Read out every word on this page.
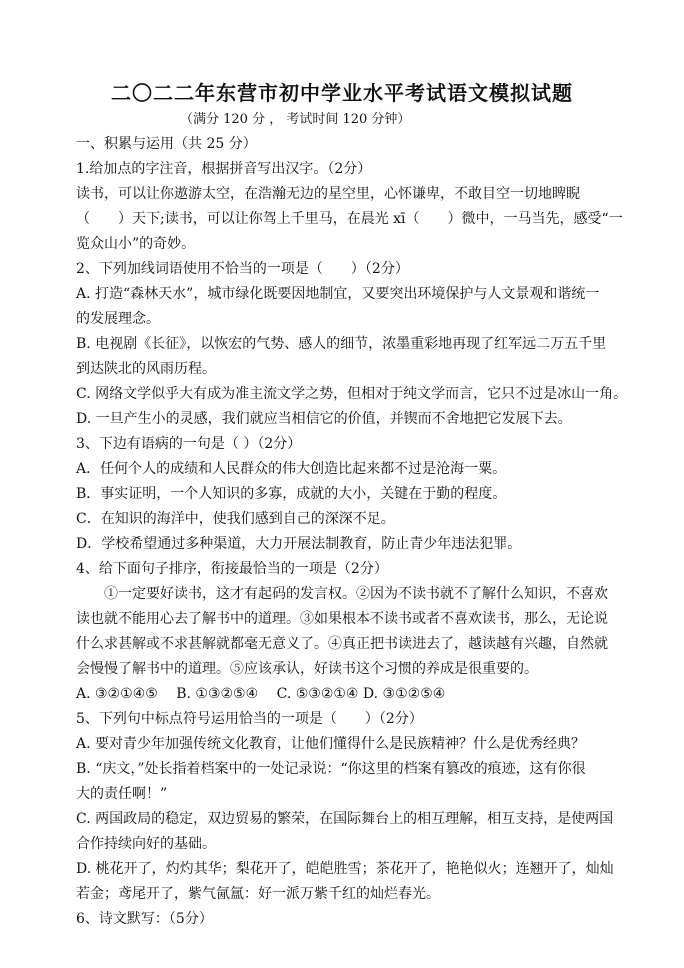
二〇二二年东营市初中学业水平考试语文模拟试题
（满分 120 分 ， 考试时间 120 分钟）
一、积累与运用（共 25 分）
1.给加点的字注音，根据拼音写出汉字。（2分）
读书，可以让你遨游太空，在浩瀚无边的星空里，心怀谦卑，不敢目空一切地睥睨
（　　）天下;读书，可以让你驾上千里马，在晨光 xī（　　）微中，一马当先，感受“一
览众山小”的奇妙。
2、下列加线词语使用不恰当的一项是（　　）（2分）
A. 打造“森林天水”，城市绿化既要因地制宜，又要突出环境保护与人文景观和谐统一
的发展理念。
B. 电视剧《长征》，以恢宏的气势、感人的细节，浓墨重彩地再现了红军远二万五千里
到达陕北的风雨历程。
C. 网络文学似乎大有成为准主流文学之势，但相对于纯文学而言，它只不过是冰山一角。
D. 一旦产生小的灵感，我们就应当相信它的价值，并锲而不舍地把它发展下去。
3、下边有语病的一句是（ ）（2分）
A．任何个人的成绩和人民群众的伟大创造比起来都不过是沧海一粟。
B．事实证明，一个人知识的多寡，成就的大小，关键在于勤的程度。
C．在知识的海洋中，使我们感到自己的深深不足。
D．学校希望通过多种渠道，大力开展法制教育，防止青少年违法犯罪。
4、给下面句子排序，衔接最恰当的一项是（2分）
　　①一定要好读书，这才有起码的发言权。②因为不读书就不了解什么知识，不喜欢
读也就不能用心去了解书中的道理。③如果根本不读书或者不喜欢读书，那么，无论说
什么求甚解或不求甚解就都毫无意义了。④真正把书读进去了，越读越有兴趣，自然就
会慢慢了解书中的道理。⑤应该承认，好读书这个习惯的养成是很重要的。
A. ③②①④⑤　 B. ①③②⑤④　 C. ⑤③②①④ D. ③①②⑤④
5、下列句中标点符号运用恰当的一项是（　　）（2分）
A. 要对青少年加强传统文化教育，让他们懂得什么是民族精神？什么是优秀经典？
B. “庆文，”处长指着档案中的一处记录说：“你这里的档案有篡改的痕迹，这有你很
大的责任啊！”
C. 两国政局的稳定，双边贸易的繁荣，在国际舞台上的相互理解，相互支持，是使两国
合作持续向好的基础。
D. 桃花开了，灼灼其华；梨花开了，皑皑胜雪；茶花开了，艳艳似火；连翘开了，灿灿
若金；鸢尾开了，紫气氤氲：好一派万紫千红的灿烂春光。
6、诗文默写：（5分）
